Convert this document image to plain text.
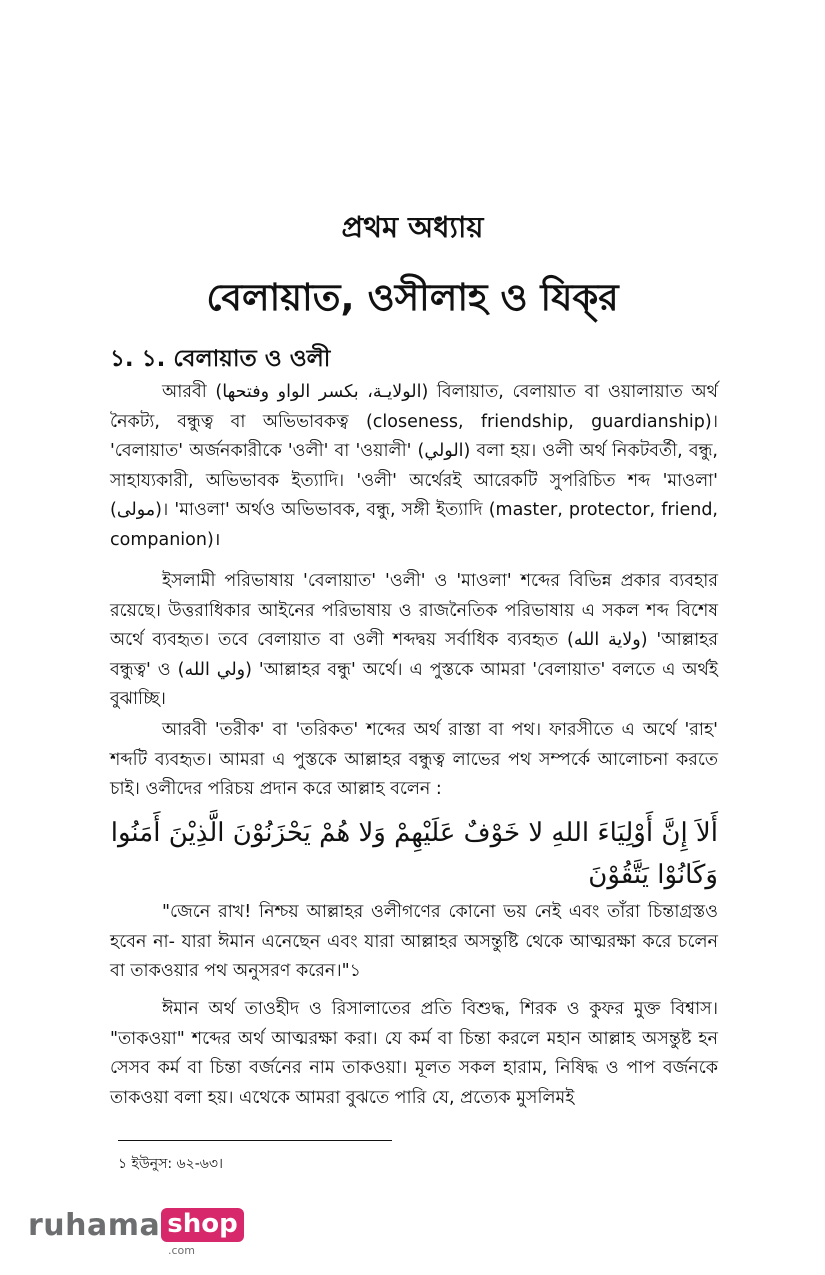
প্রথম অধ্যায়
বেলায়াত, ওসীলাহ ও যিক্‌র
১. ১. বেলায়াত ও ওলী
আরবী (الولايـة، بكسر الواو وفتحها) বিলায়াত, বেলায়াত বা ওয়ালায়াত অর্থ নৈকট্য, বন্ধুত্ব বা অভিভাবকত্ব (closeness, friendship, guardianship)। 'বেলায়াত' অর্জনকারীকে 'ওলী' বা 'ওয়ালী' (الولي) বলা হয়। ওলী অর্থ নিকটবর্তী, বন্ধু, সাহায্যকারী, অভিভাবক ইত্যাদি। 'ওলী' অর্থেরই আরেকটি সুপরিচিত শব্দ 'মাওলা' (مولى)। 'মাওলা' অর্থও অভিভাবক, বন্ধু, সঙ্গী ইত্যাদি (master, protector, friend, companion)।
ইসলামী পরিভাষায় 'বেলায়াত' 'ওলী' ও 'মাওলা' শব্দের বিভিন্ন প্রকার ব্যবহার রয়েছে। উত্তরাধিকার আইনের পরিভাষায় ও রাজনৈতিক পরিভাষায় এ সকল শব্দ বিশেষ অর্থে ব্যবহৃত। তবে বেলায়াত বা ওলী শব্দদ্বয় সর্বাধিক ব্যবহৃত (ولاية الله) 'আল্লাহর বন্ধুত্ব' ও (ولي الله) 'আল্লাহর বন্ধু' অর্থে। এ পুস্তকে আমরা 'বেলায়াত' বলতে এ অর্থই বুঝাচ্ছি।
আরবী 'তরীক' বা 'তরিকত' শব্দের অর্থ রাস্তা বা পথ। ফারসীতে এ অর্থে 'রাহ' শব্দটি ব্যবহৃত। আমরা এ পুস্তকে আল্লাহর বন্ধুত্ব লাভের পথ সম্পর্কে আলোচনা করতে চাই। ওলীদের পরিচয় প্রদান করে আল্লাহ বলেন :
أَلاَ إِنَّ أَوْلِيَاءَ اللهِ لا خَوْفٌ عَلَيْهِمْ وَلا هُمْ يَحْزَنُوْنَ الَّذِيْنَ أَمَنُوا وَكَانُوْا يَتَّقُوْنَ
"জেনে রাখ! নিশ্চয় আল্লাহর ওলীগণের কোনো ভয় নেই এবং তাঁরা চিন্তাগ্রস্তও হবেন না- যারা ঈমান এনেছেন এবং যারা আল্লাহর অসন্তুষ্টি থেকে আত্মরক্ষা করে চলেন বা তাকওয়ার পথ অনুসরণ করেন।"১
ঈমান অর্থ তাওহীদ ও রিসালাতের প্রতি বিশুদ্ধ, শিরক ও কুফর মুক্ত বিশ্বাস। "তাকওয়া" শব্দের অর্থ আত্মরক্ষা করা। যে কর্ম বা চিন্তা করলে মহান আল্লাহ অসন্তুষ্ট হন সেসব কর্ম বা চিন্তা বর্জনের নাম তাকওয়া। মূলত সকল হারাম, নিষিদ্ধ ও পাপ বর্জনকে তাকওয়া বলা হয়। এথেকে আমরা বুঝতে পারি যে, প্রত্যেক মুসলিমই
১ ইউনুস: ৬২-৬৩।
ruhama shop
.com
